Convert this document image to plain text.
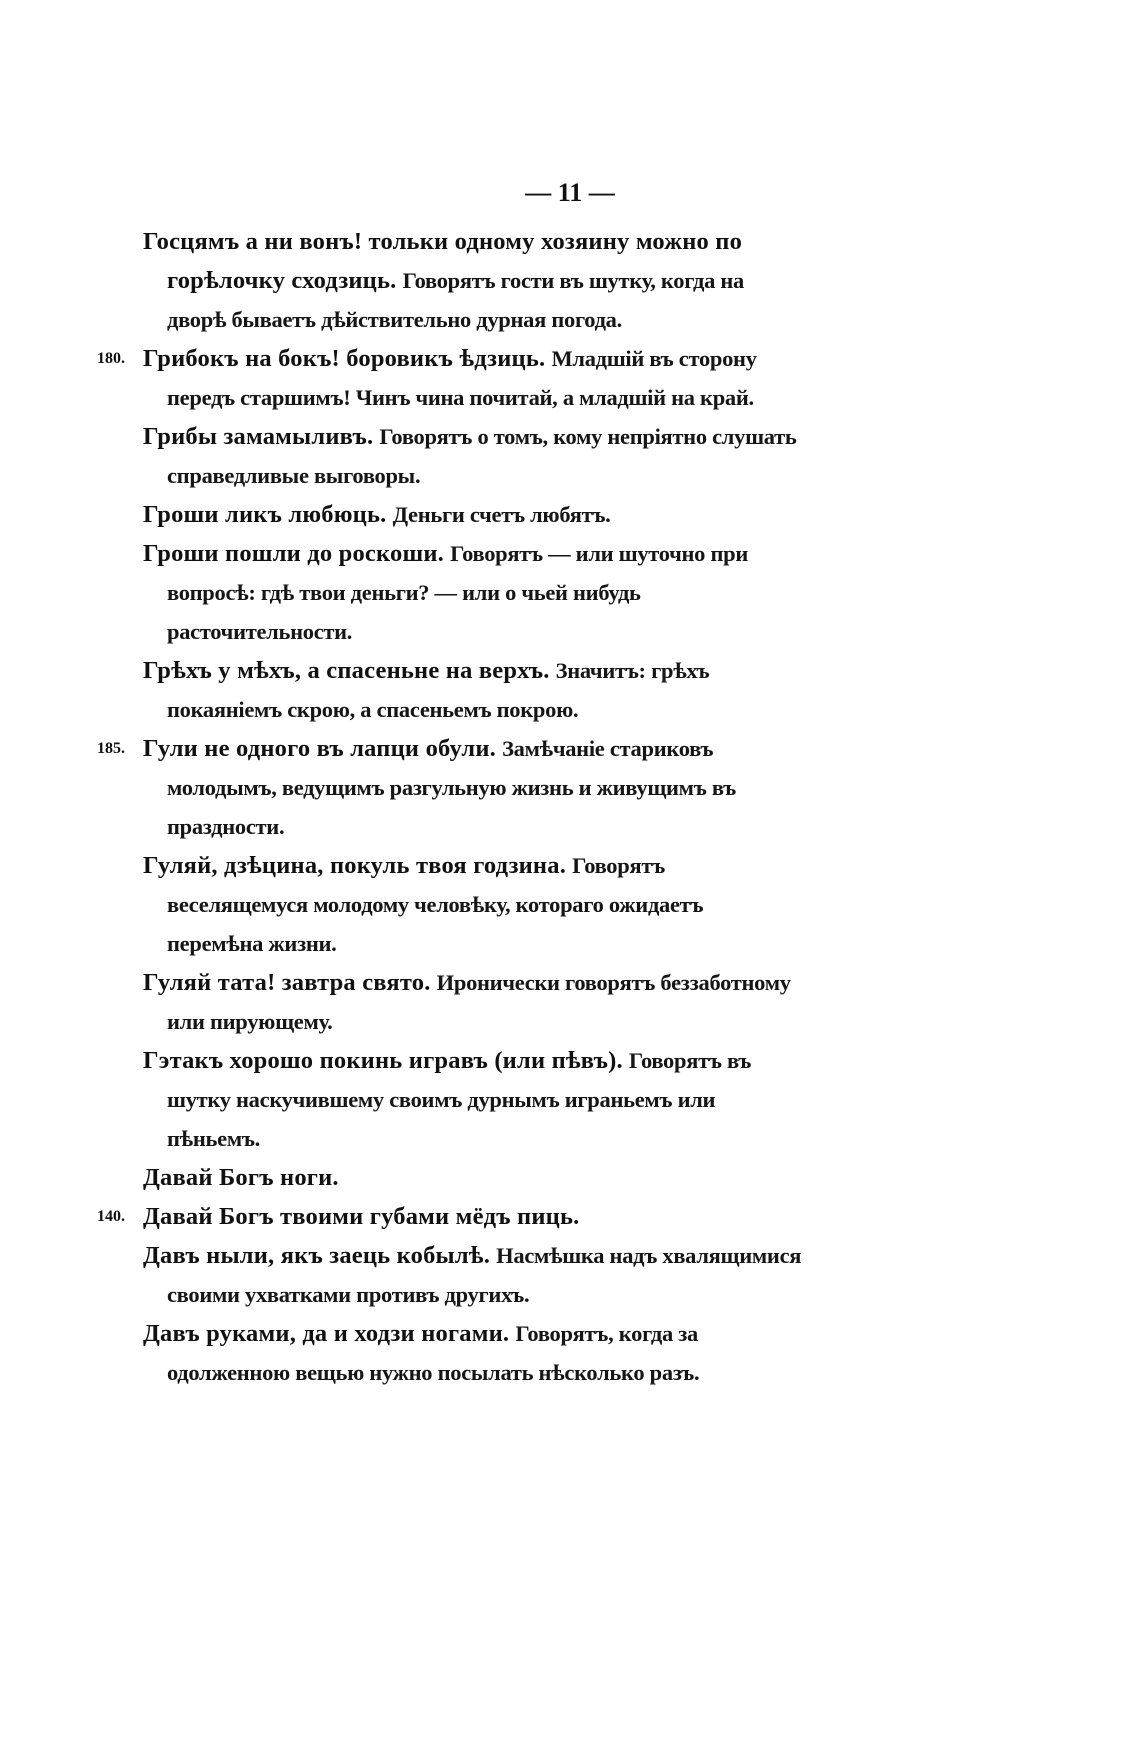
— 11 —
Госцямъ а ни вонъ! тольки одному хозяину можно по горѣлочку сходзиць. Говорятъ гости въ шутку, когда на дворѣ бываетъ дѣйствительно дурная погода.
180. Грибокъ на бокъ! боровикъ ѣдзиць. Младшій въ сторону передъ старшимъ! Чинъ чина почитай, а младшій на край.
Грибы замамыливъ. Говорятъ о томъ, кому непріятно слушать справедливые выговоры.
Гроши ликъ любюць. Деньги счетъ любятъ.
Гроши пошли до роскоши. Говорятъ — или шуточно при вопросѣ: гдѣ твои деньги? — или о чьей нибудь расточительности.
Грѣхъ у мѣхъ, а спасеньне на верхъ. Значитъ: грѣхъ покаяніемъ скрою, а спасеньемъ покрою.
185. Гули не одного въ лапци обули. Замѣчаніе стариковъ молодымъ, ведущимъ разгульную жизнь и живущимъ въ праздности.
Гуляй, дзѣцина, покуль твоя годзина. Говорятъ веселящемуся молодому человѣку, котораго ожидаетъ перемѣна жизни.
Гуляй тата! завтра свято. Иронически говорятъ беззаботному или пирующему.
Гэтакъ хорошо покинь игравъ (или пѣвъ). Говорятъ въ шутку наскучившему своимъ дурнымъ играньемъ или пѣньемъ.
Давай Богъ ноги.
140. Давай Богъ твоими губами мёдъ пиць.
Давъ ныли, якъ заець кобылѣ. Насмѣшка надъ хвалящимися своими ухватками противъ другихъ.
Давъ руками, да и ходзи ногами. Говорятъ, когда за одолженною вещью нужно посылать нѣсколько разъ.
